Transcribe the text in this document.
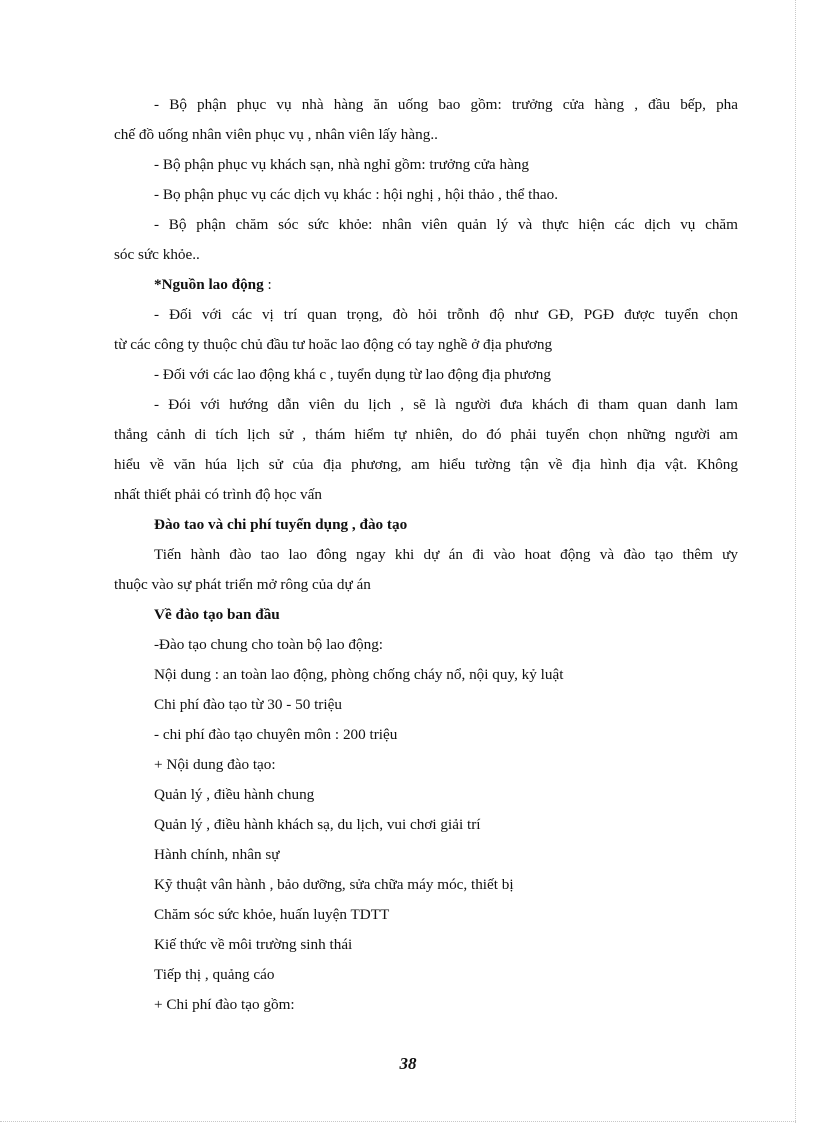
- Bộ phận phục vụ nhà hàng ăn uống bao gồm: trưởng cửa hàng , đầu bếp, pha
chế đồ uống nhân viên phục vụ , nhân viên lấy hàng..
- Bộ phận phục vụ khách sạn, nhà nghỉ gồm: trưởng cửa hàng
- Bọ phận phục vụ các dịch vụ khác : hội nghị , hội thảo , thể thao.
- Bộ phận chăm sóc sức khỏe: nhân viên quản lý và thực hiện các dịch vụ chăm
sóc sức khỏe..
*Nguồn lao động :
- Đối với các vị trí quan trọng, đò hỏi trỗnh độ như GĐ, PGĐ được tuyển chọn
từ các công ty thuộc chủ đầu tư hoăc lao động có tay nghề ở địa phương
- Đối với các lao động khá c , tuyển dụng từ lao động địa phương
- Đói với hướng dẫn viên du lịch , sẽ là người đưa khách đi tham quan danh lam
thắng cảnh di tích lịch sử , thám hiểm tự nhiên, do đó phải tuyển chọn những người am
hiểu về văn húa lịch sử của địa phương, am hiểu tường tận về địa hình địa vật. Không
nhất thiết phải có trình độ học vấn
Đào tao và chi phí tuyển dụng , đào tạo
Tiến hành đào tao lao đông ngay khi dự án đi vào hoat động và đào tạo thêm ưy
thuộc vào sự phát triển mở rông của dự án
Về đào tạo ban đầu
-Đào tạo chung cho toàn bộ lao động:
Nội dung : an toàn lao động, phòng chống cháy nổ, nội quy, kỷ luật
Chi phí đào tạo từ 30 - 50 triệu
- chi phí đào tạo chuyên môn : 200 triệu
+ Nội dung đào tạo:
Quản lý , điều hành chung
Quản lý , điều hành khách sạ, du lịch, vui chơi giải trí
Hành chính, nhân sự
Kỹ thuật vân hành , bảo dưỡng, sửa chữa máy móc, thiết bị
Chăm sóc sức khỏe, huấn luyện TDTT
Kiế thức về môi trường sinh thái
Tiếp thị , quảng cáo
+ Chi phí đào tạo gồm:
38
